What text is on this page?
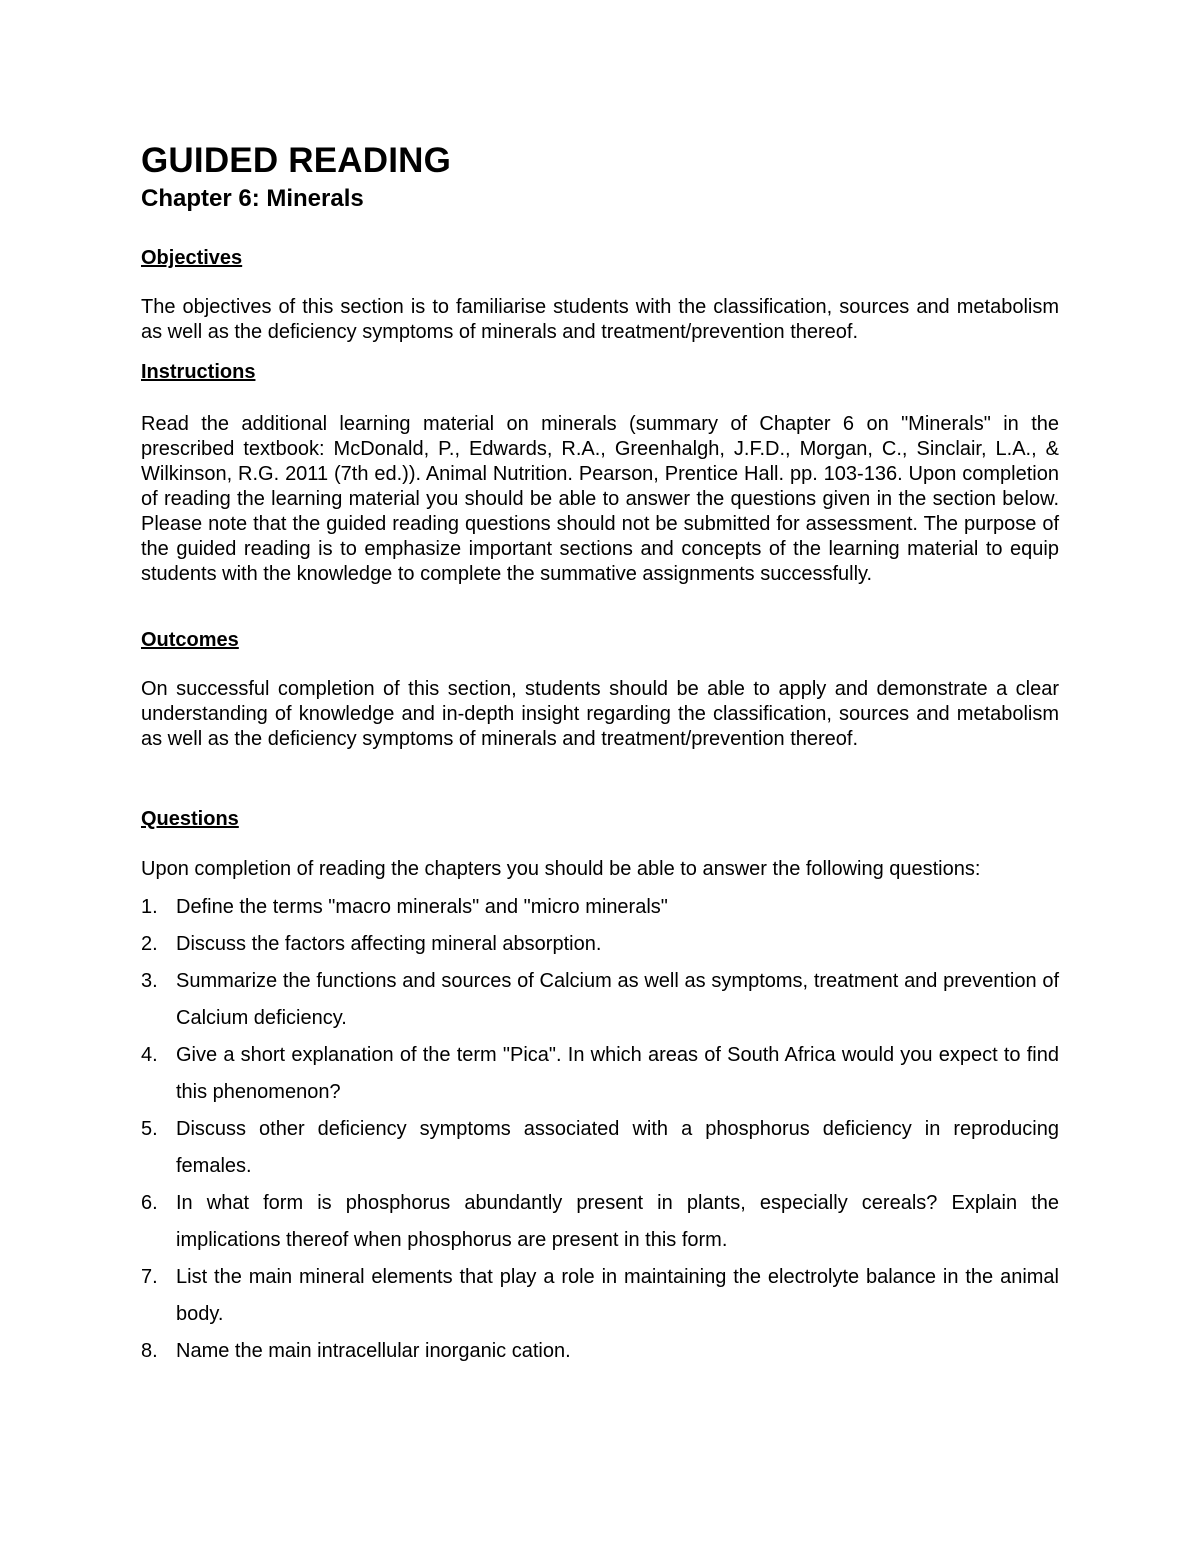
GUIDED READING
Chapter 6: Minerals
Objectives

The objectives of this section is to familiarise students with the classification, sources and metabolism as well as the deficiency symptoms of minerals and treatment/prevention thereof.

Instructions

Read the additional learning material on minerals (summary of Chapter 6 on "Minerals" in the prescribed textbook: McDonald, P., Edwards, R.A., Greenhalgh, J.F.D., Morgan, C., Sinclair, L.A., & Wilkinson, R.G. 2011 (7th ed.)). Animal Nutrition. Pearson, Prentice Hall. pp. 103-136. Upon completion of reading the learning material you should be able to answer the questions given in the section below. Please note that the guided reading questions should not be submitted for assessment. The purpose of the guided reading is to emphasize important sections and concepts of the learning material to equip students with the knowledge to complete the summative assignments successfully.

Outcomes

On successful completion of this section, students should be able to apply and demonstrate a clear understanding of knowledge and in-depth insight regarding the classification, sources and metabolism as well as the deficiency symptoms of minerals and treatment/prevention thereof.

Questions

Upon completion of reading the chapters you should be able to answer the following questions:

1. Define the terms "macro minerals" and "micro minerals"
2. Discuss the factors affecting mineral absorption.
3. Summarize the functions and sources of Calcium as well as symptoms, treatment and prevention of Calcium deficiency.
4. Give a short explanation of the term "Pica". In which areas of South Africa would you expect to find this phenomenon?
5. Discuss other deficiency symptoms associated with a phosphorus deficiency in reproducing females.
6. In what form is phosphorus abundantly present in plants, especially cereals? Explain the implications thereof when phosphorus are present in this form.
7. List the main mineral elements that play a role in maintaining the electrolyte balance in the animal body.
8. Name the main intracellular inorganic cation.
